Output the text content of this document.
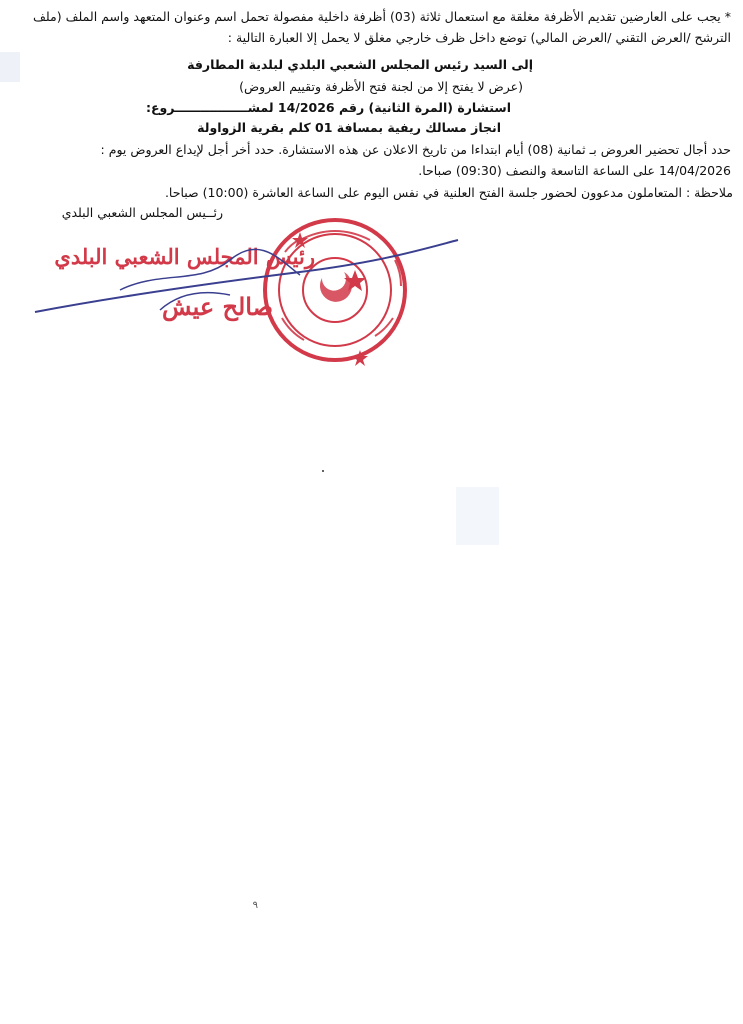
* يجب على العارضين تقديم الأظرفة مغلقة مع استعمال ثلاثة (03) أظرفة داخلية مفصولة تحمل اسم وعنوان المتعهد واسم الملف (ملف
الترشح /العرض التقني /العرض المالي) توضع داخل ظرف خارجي مغلق لا يحمل إلا العبارة التالية :
إلى السيد رئيس المجلس الشعبي البلدي لبلدية المطارفة
(عرض لا يفتح إلا من لجنة فتح الأظرفة وتقييم العروض)
استشارة (المرة الثانية) رقم 14/2026 لمشـــــــــــــــــروع:
انجاز مسالك ريفية بمسافة 01 كلم بقرية الزواولة
حدد أجال تحضير العروض بـ ثمانية (08) أيام ابتداءا من تاريخ الاعلان عن هذه الاستشارة. حدد أخر أجل لإيداع العروض يوم :
14/04/2026 على الساعة التاسعة والنصف (09:30) صباحا.
ملاحظة : المتعاملون مدعوون لحضور جلسة الفتح العلنية في نفس اليوم على الساعة العاشرة (10:00) صباحا.
رئــيس المجلس الشعبي البلدي
رئيس المجلس الشعبي البلدي
صالح عيش
٩
